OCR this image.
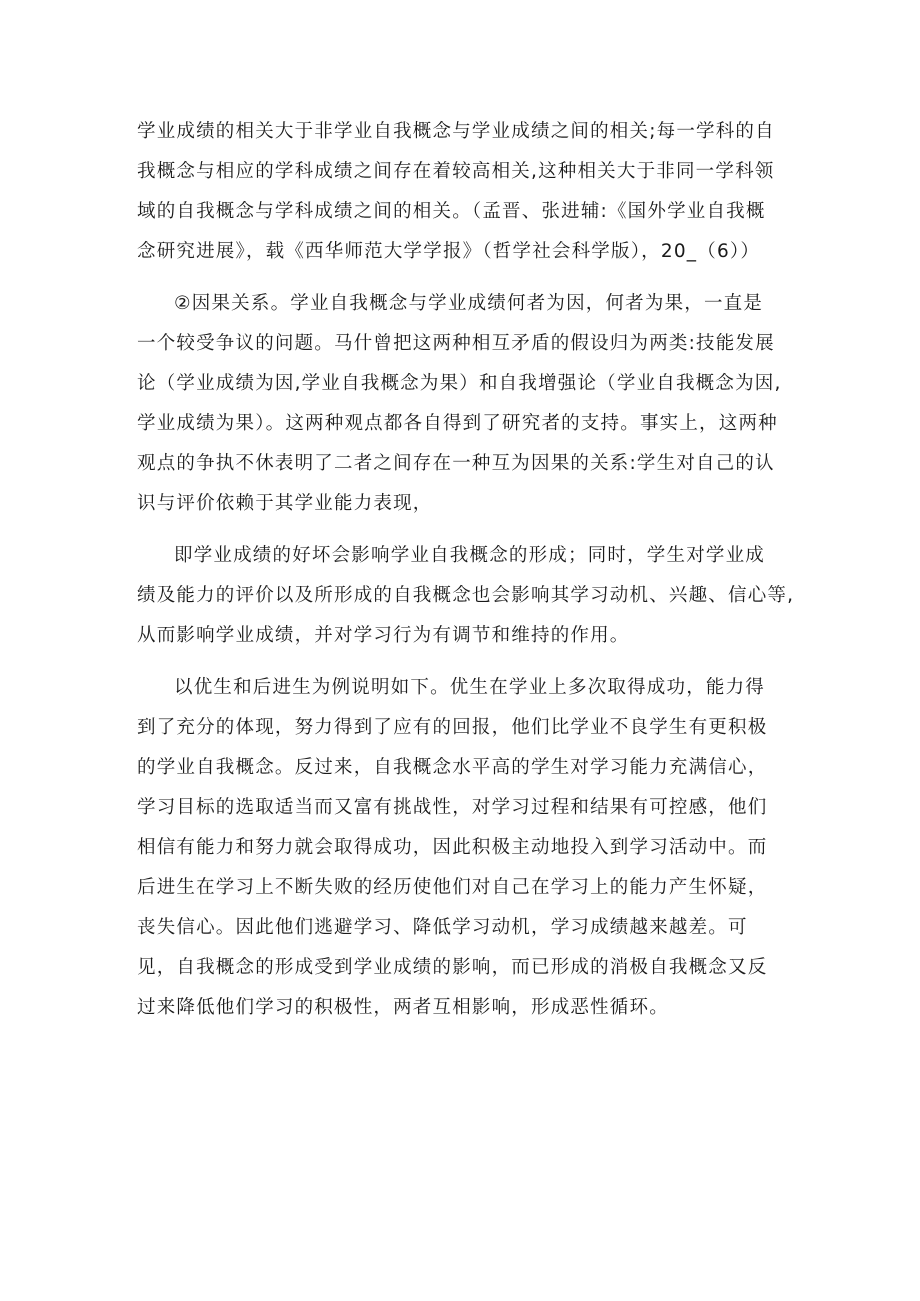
学业成绩的相关大于非学业自我概念与学业成绩之间的相关;每一学科的自
我概念与相应的学科成绩之间存在着较高相关,这种相关大于非同一学科领
域的自我概念与学科成绩之间的相关。（孟晋、张进辅:《国外学业自我概
念研究进展》，载《西华师范大学学报》（哲学社会科学版），20_（6））
②因果关系。学业自我概念与学业成绩何者为因，何者为果，一直是
一个较受争议的问题。马什曾把这两种相互矛盾的假设归为两类:技能发展
论（学业成绩为因,学业自我概念为果）和自我增强论（学业自我概念为因,
学业成绩为果）。这两种观点都各自得到了研究者的支持。事实上，这两种
观点的争执不休表明了二者之间存在一种互为因果的关系:学生对自己的认
识与评价依赖于其学业能力表现，
即学业成绩的好坏会影响学业自我概念的形成；同时，学生对学业成
绩及能力的评价以及所形成的自我概念也会影响其学习动机、兴趣、信心等,
从而影响学业成绩，并对学习行为有调节和维持的作用。
以优生和后进生为例说明如下。优生在学业上多次取得成功，能力得
到了充分的体现，努力得到了应有的回报，他们比学业不良学生有更积极
的学业自我概念。反过来，自我概念水平高的学生对学习能力充满信心，
学习目标的选取适当而又富有挑战性，对学习过程和结果有可控感，他们
相信有能力和努力就会取得成功，因此积极主动地投入到学习活动中。而
后进生在学习上不断失败的经历使他们对自己在学习上的能力产生怀疑，
丧失信心。因此他们逃避学习、降低学习动机，学习成绩越来越差。可
见，自我概念的形成受到学业成绩的影响，而已形成的消极自我概念又反
过来降低他们学习的积极性，两者互相影响，形成恶性循环。
